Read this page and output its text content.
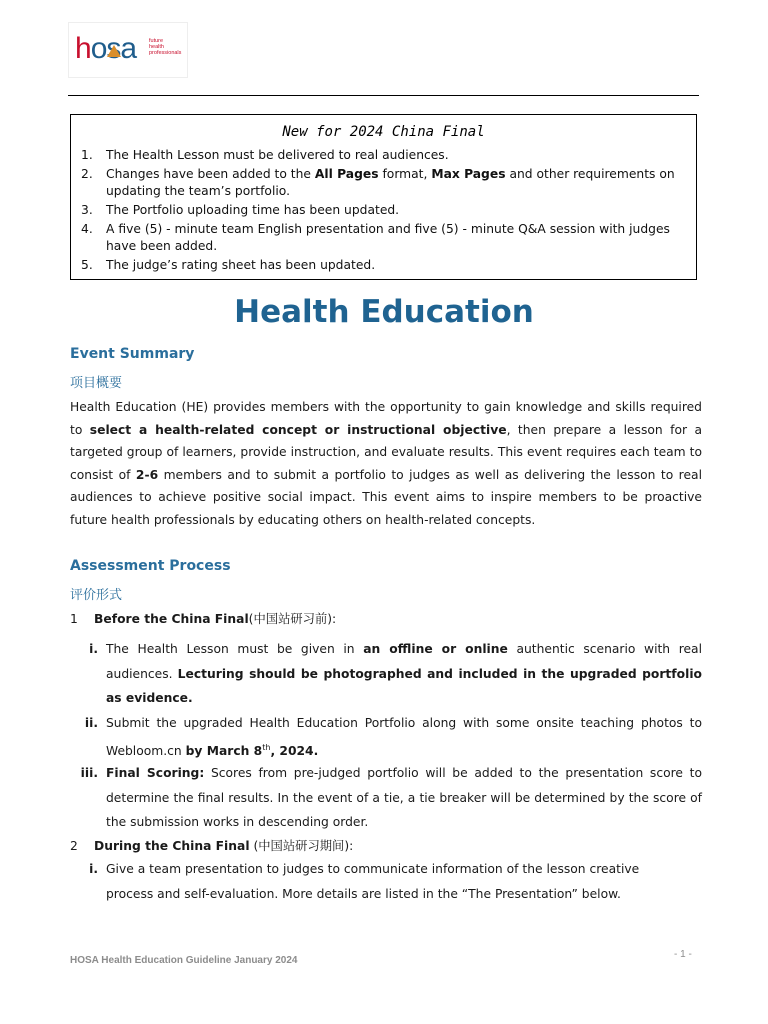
hosa future
health
professionals
New for 2024 China Final
1. The Health Lesson must be delivered to real audiences.
2. Changes have been added to the All Pages format, Max Pages and other requirements on updating the team’s portfolio.
3. The Portfolio uploading time has been updated.
4. A five (5) - minute team English presentation and five (5) - minute Q&A session with judges have been added.
5. The judge’s rating sheet has been updated.
Health Education
Event Summary
项目概要
Health Education (HE) provides members with the opportunity to gain knowledge and skills required to select a health-related concept or instructional objective, then prepare a lesson for a targeted group of learners, provide instruction, and evaluate results. This event requires each team to consist of 2-6 members and to submit a portfolio to judges as well as delivering the lesson to real audiences to achieve positive social impact. This event aims to inspire members to be proactive future health professionals by educating others on health-related concepts.
Assessment Process
评价形式
1 Before the China Final(中国站研习前):
i. The Health Lesson must be given in an offline or online authentic scenario with real audiences. Lecturing should be photographed and included in the upgraded portfolio as evidence.
ii. Submit the upgraded Health Education Portfolio along with some onsite teaching photos to Webloom.cn by March 8th, 2024.
iii. Final Scoring: Scores from pre-judged portfolio will be added to the presentation score to determine the final results. In the event of a tie, a tie breaker will be determined by the score of the submission works in descending order.
2 During the China Final (中国站研习期间):
i. Give a team presentation to judges to communicate information of the lesson creative process and self-evaluation. More details are listed in the “The Presentation” below.
HOSA Health Education Guideline January 2024
- 1 -
